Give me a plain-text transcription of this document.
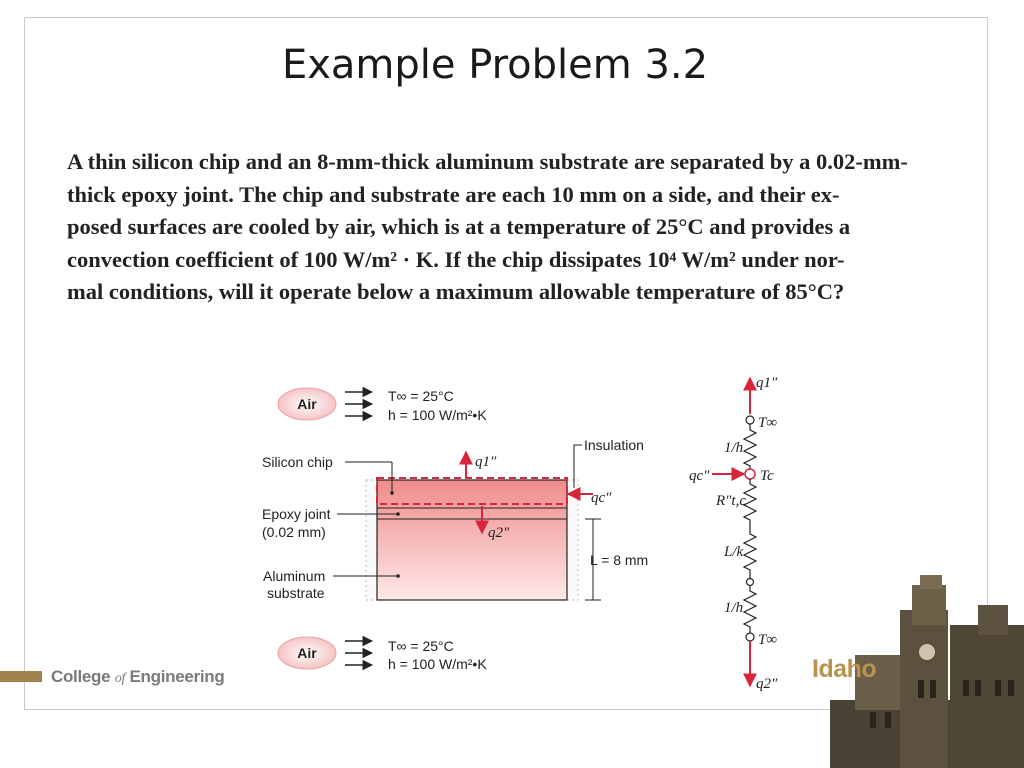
Example Problem 3.2

A thin silicon chip and an 8-mm-thick aluminum substrate are separated by a 0.02-mm-
thick epoxy joint. The chip and substrate are each 10 mm on a side, and their ex-
posed surfaces are cooled by air, which is at a temperature of 25°C and provides a
convection coefficient of 100 W/m² · K. If the chip dissipates 10⁴ W/m² under nor-
mal conditions, will it operate below a maximum allowable temperature of 85°C?

Air	T∞ = 25°C
h = 100 W/m²•K
q1″
q2″
qc″
Silicon chip
Epoxy joint
(0.02 mm)
Aluminum
substrate
Insulation
L = 8 mm
Air	T∞ = 25°C
h = 100 W/m²•K
q1″
T∞
1/h
qc″	Tc
R″t,c
L/k
1/h
T∞
q2″
College of Engineering	Idaho
